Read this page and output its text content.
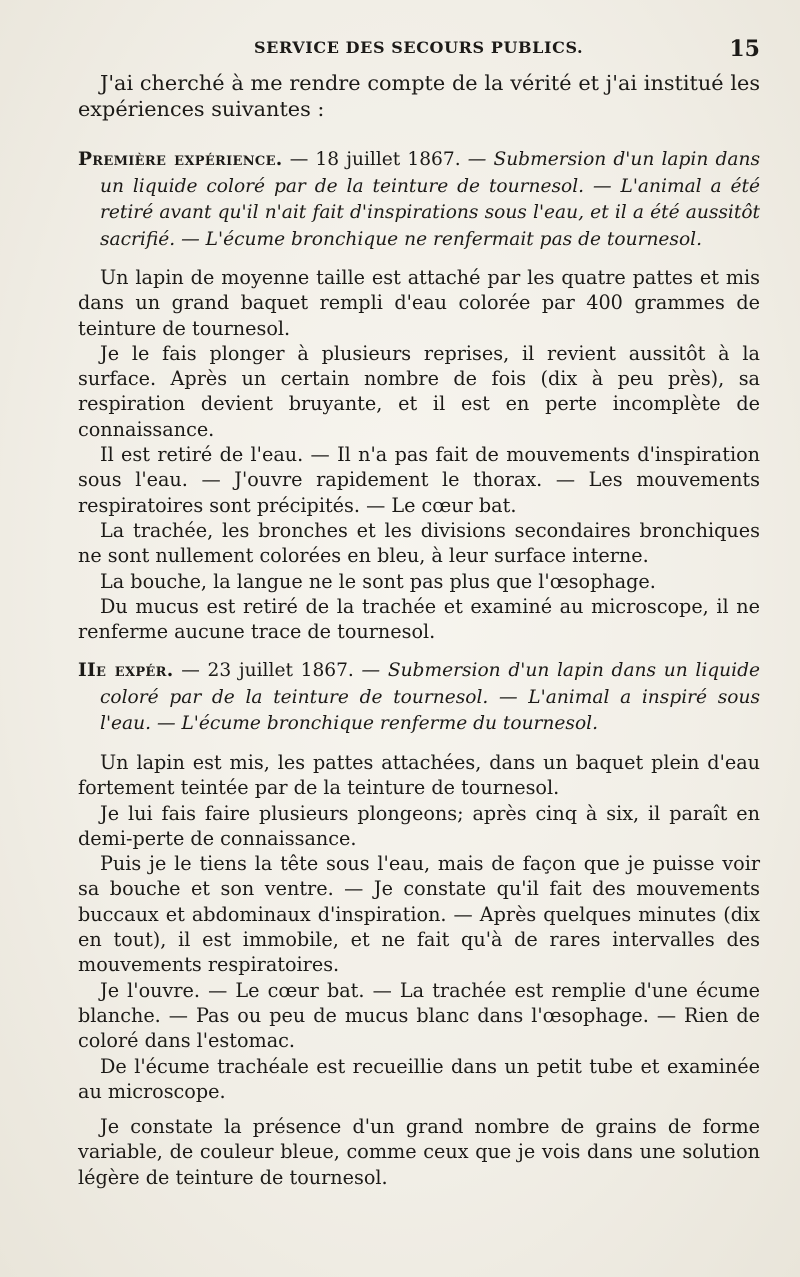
SERVICE DES SECOURS PUBLICS.	15

J'ai cherché à me rendre compte de la vérité et j'ai institué les expériences suivantes :

Première expérience. — 18 juillet 1867. — Submersion d'un lapin dans un liquide coloré par de la teinture de tournesol. — L'animal a été retiré avant qu'il n'ait fait d'inspirations sous l'eau, et il a été aussitôt sacrifié. — L'écume bronchique ne renfermait pas de tournesol.

Un lapin de moyenne taille est attaché par les quatre pattes et mis dans un grand baquet rempli d'eau colorée par 400 grammes de teinture de tournesol.

Je le fais plonger à plusieurs reprises, il revient aussitôt à la surface. Après un certain nombre de fois (dix à peu près), sa respiration devient bruyante, et il est en perte incomplète de connaissance.

Il est retiré de l'eau. — Il n'a pas fait de mouvements d'inspiration sous l'eau. — J'ouvre rapidement le thorax. — Les mouvements respiratoires sont précipités. — Le cœur bat.

La trachée, les bronches et les divisions secondaires bronchiques ne sont nullement colorées en bleu, à leur surface interne.

La bouche, la langue ne le sont pas plus que l'œsophage.

Du mucus est retiré de la trachée et examiné au microscope, il ne renferme aucune trace de tournesol.

IIe expér. — 23 juillet 1867. — Submersion d'un lapin dans un liquide coloré par de la teinture de tournesol. — L'animal a inspiré sous l'eau. — L'écume bronchique renferme du tournesol.

Un lapin est mis, les pattes attachées, dans un baquet plein d'eau fortement teintée par de la teinture de tournesol.

Je lui fais faire plusieurs plongeons; après cinq à six, il paraît en demi-perte de connaissance.

Puis je le tiens la tête sous l'eau, mais de façon que je puisse voir sa bouche et son ventre. — Je constate qu'il fait des mouvements buccaux et abdominaux d'inspiration. — Après quelques minutes (dix en tout), il est immobile, et ne fait qu'à de rares intervalles des mouvements respiratoires.

Je l'ouvre. — Le cœur bat. — La trachée est remplie d'une écume blanche. — Pas ou peu de mucus blanc dans l'œsophage. — Rien de coloré dans l'estomac.

De l'écume trachéale est recueillie dans un petit tube et examinée au microscope.

Je constate la présence d'un grand nombre de grains de forme variable, de couleur bleue, comme ceux que je vois dans une solution légère de teinture de tournesol.
